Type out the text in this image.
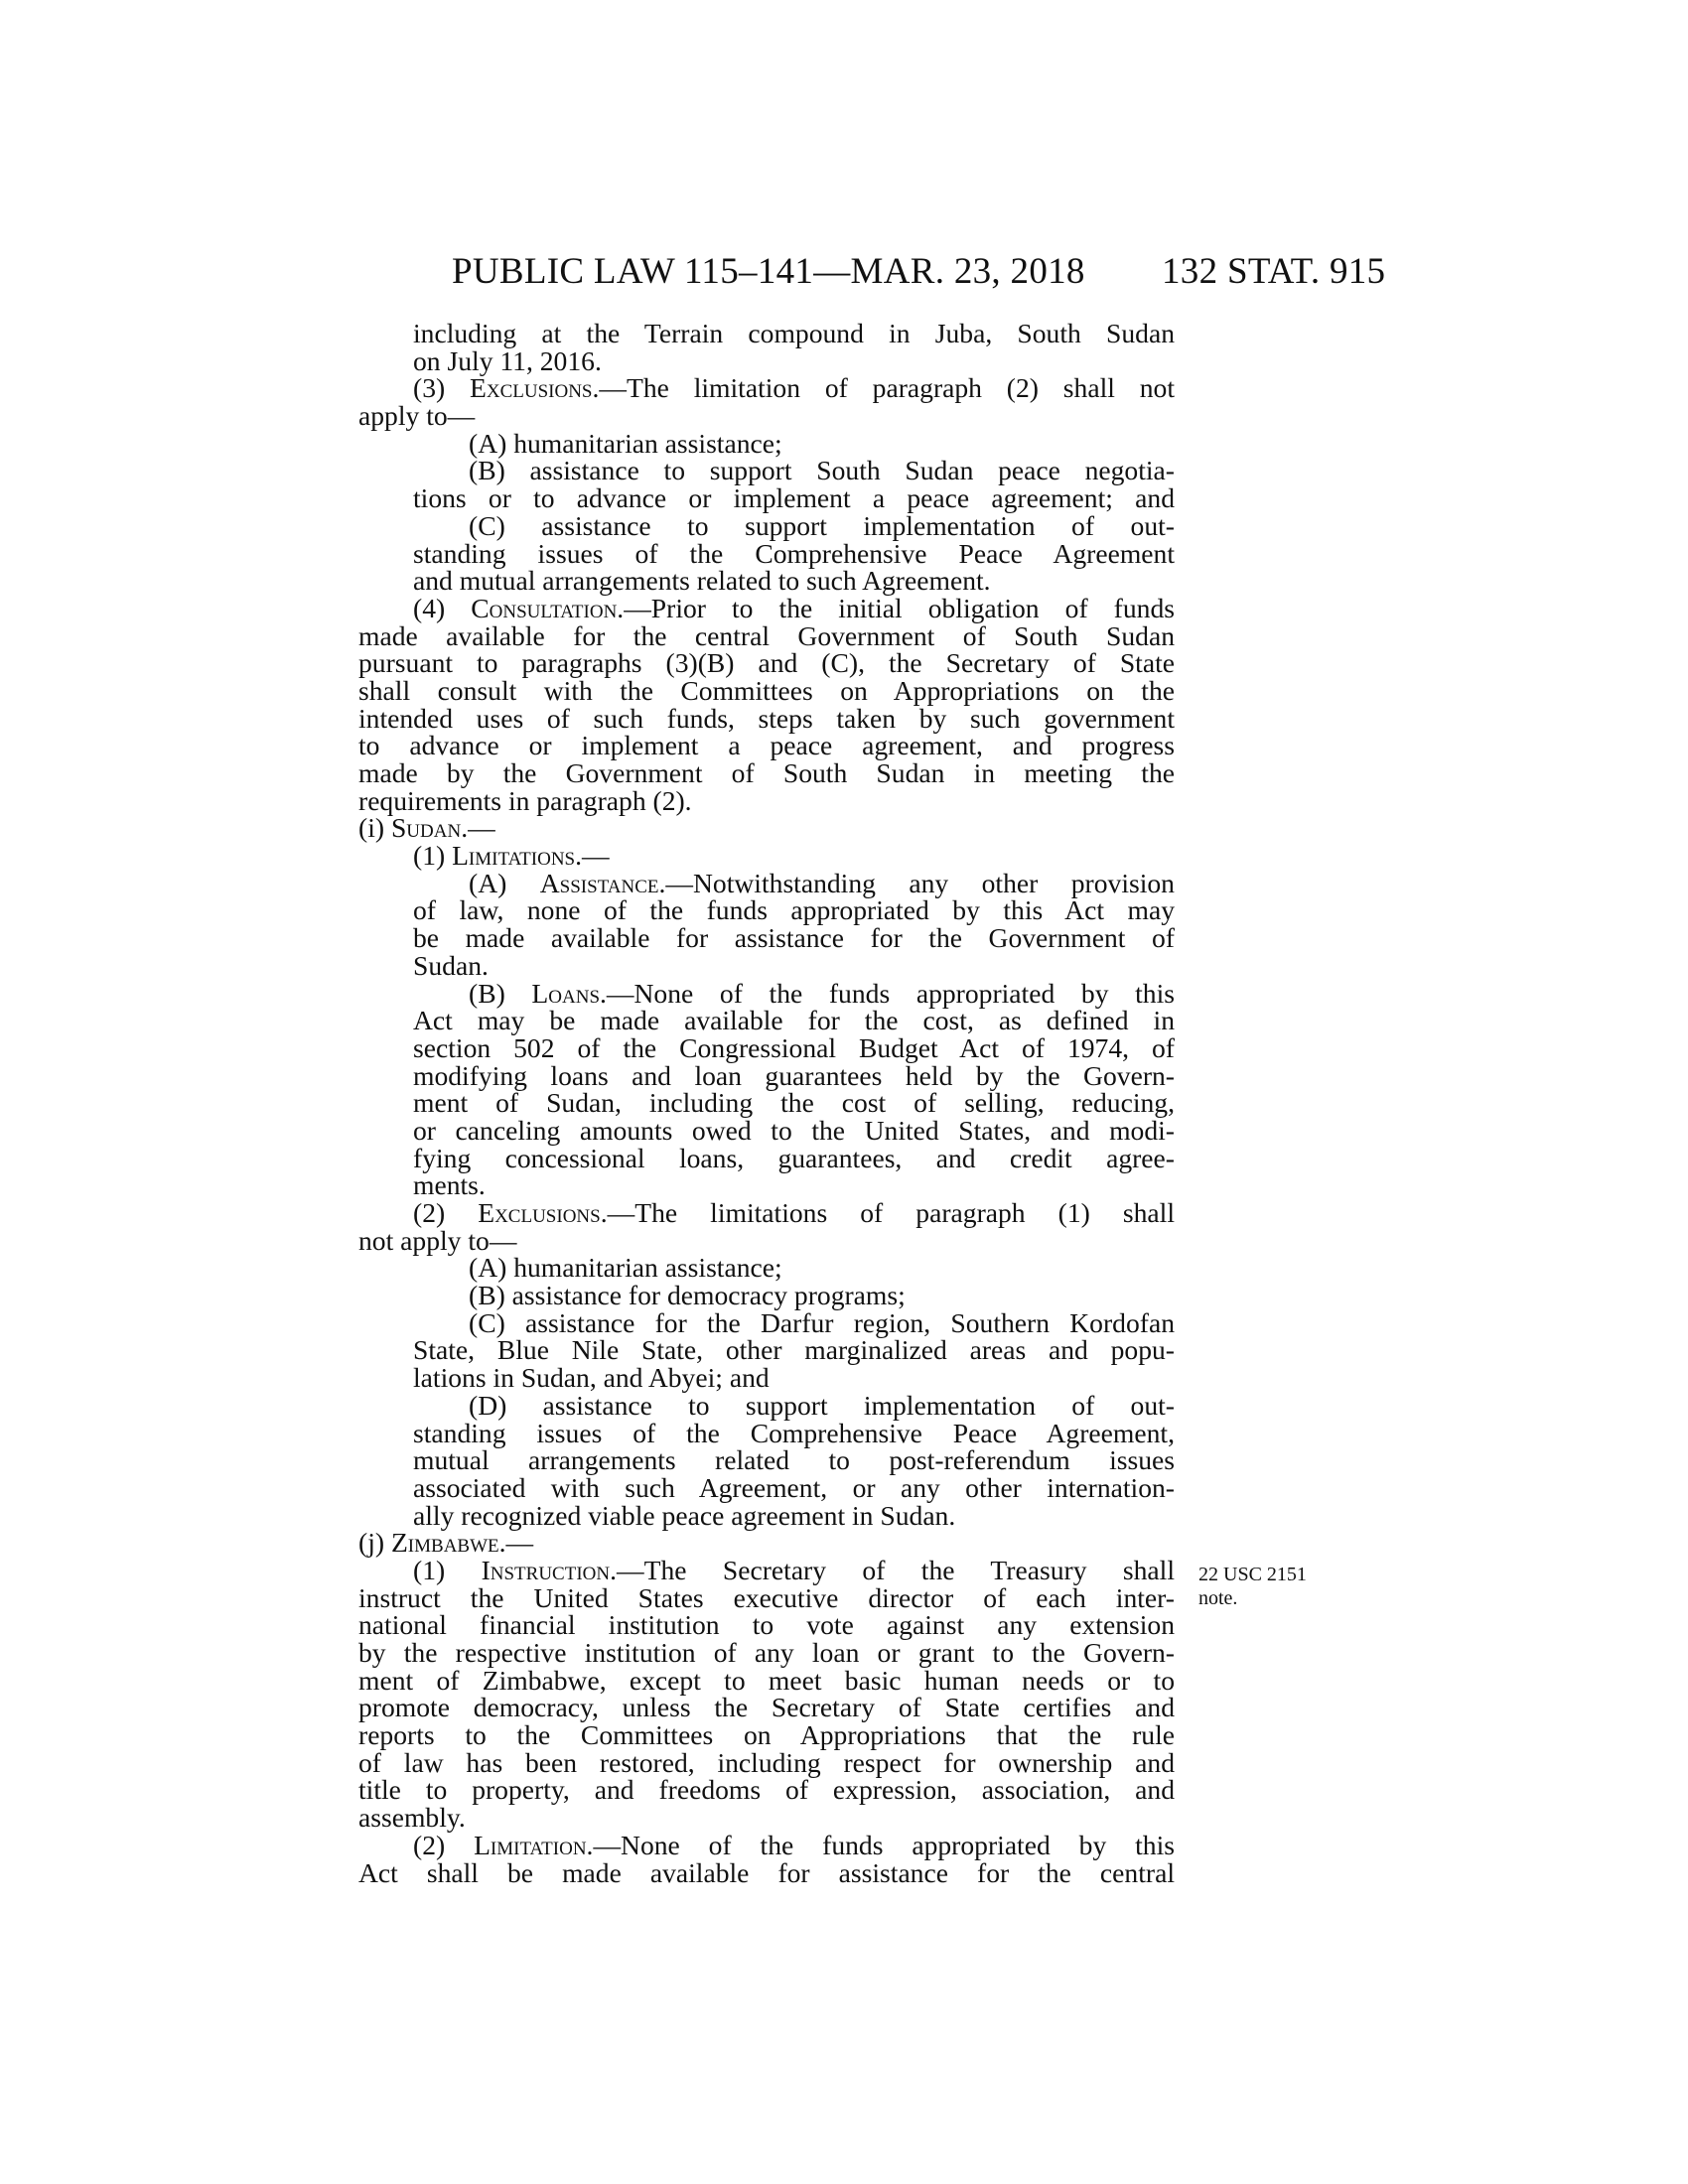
PUBLIC LAW 115–141—MAR. 23, 2018 132 STAT. 915
including at the Terrain compound in Juba, South Sudan
on July 11, 2016.
(3) Exclusions.—The limitation of paragraph (2) shall not
apply to—
(A) humanitarian assistance;
(B) assistance to support South Sudan peace negotia-
tions or to advance or implement a peace agreement; and
(C) assistance to support implementation of out-
standing issues of the Comprehensive Peace Agreement
and mutual arrangements related to such Agreement.
(4) Consultation.—Prior to the initial obligation of funds
made available for the central Government of South Sudan
pursuant to paragraphs (3)(B) and (C), the Secretary of State
shall consult with the Committees on Appropriations on the
intended uses of such funds, steps taken by such government
to advance or implement a peace agreement, and progress
made by the Government of South Sudan in meeting the
requirements in paragraph (2).
(i) Sudan.—
(1) Limitations.—
(A) Assistance.—Notwithstanding any other provision
of law, none of the funds appropriated by this Act may
be made available for assistance for the Government of
Sudan.
(B) Loans.—None of the funds appropriated by this
Act may be made available for the cost, as defined in
section 502 of the Congressional Budget Act of 1974, of
modifying loans and loan guarantees held by the Govern-
ment of Sudan, including the cost of selling, reducing,
or canceling amounts owed to the United States, and modi-
fying concessional loans, guarantees, and credit agree-
ments.
(2) Exclusions.—The limitations of paragraph (1) shall
not apply to—
(A) humanitarian assistance;
(B) assistance for democracy programs;
(C) assistance for the Darfur region, Southern Kordofan
State, Blue Nile State, other marginalized areas and popu-
lations in Sudan, and Abyei; and
(D) assistance to support implementation of out-
standing issues of the Comprehensive Peace Agreement,
mutual arrangements related to post-referendum issues
associated with such Agreement, or any other internation-
ally recognized viable peace agreement in Sudan.
(j) Zimbabwe.—
(1) Instruction.—The Secretary of the Treasury shall
instruct the United States executive director of each inter-
national financial institution to vote against any extension
by the respective institution of any loan or grant to the Govern-
ment of Zimbabwe, except to meet basic human needs or to
promote democracy, unless the Secretary of State certifies and
reports to the Committees on Appropriations that the rule
of law has been restored, including respect for ownership and
title to property, and freedoms of expression, association, and
assembly.
(2) Limitation.—None of the funds appropriated by this
Act shall be made available for assistance for the central
22 USC 2151
note.
